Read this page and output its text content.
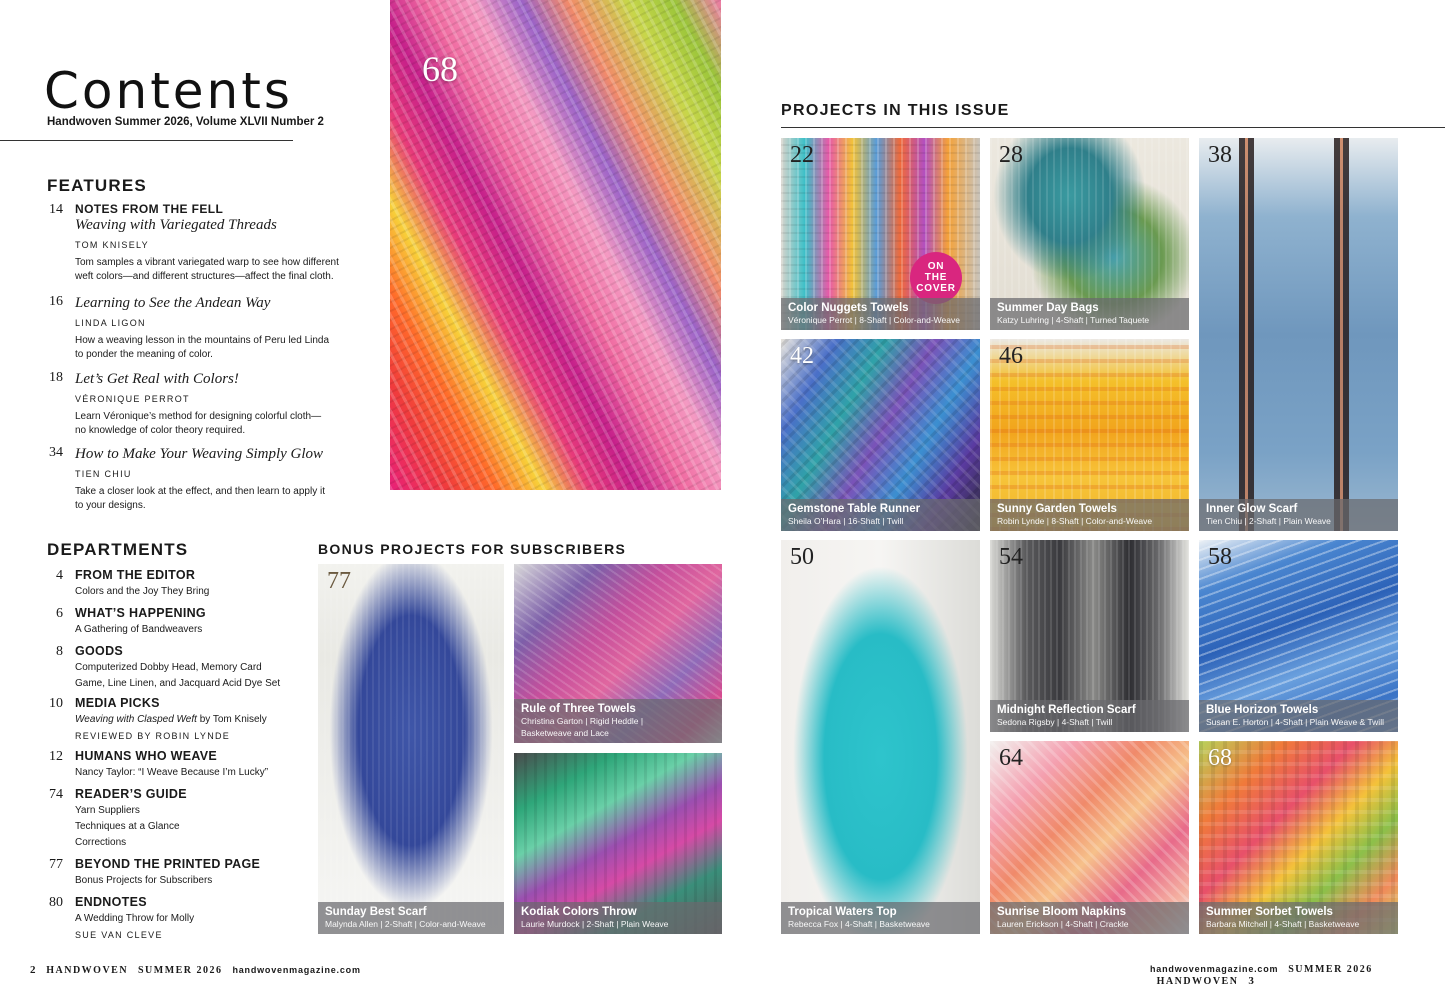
Contents
Handwoven Summer 2026, Volume XLVII Number 2
FEATURES
14 NOTES FROM THE FELL
Weaving with Variegated Threads
TOM KNISELY
Tom samples a vibrant variegated warp to see how different
weft colors—and different structures—affect the final cloth.
16 Learning to See the Andean Way
LINDA LIGON
How a weaving lesson in the mountains of Peru led Linda
to ponder the meaning of color.
18 Let’s Get Real with Colors!
VÉRONIQUE PERROT
Learn Véronique’s method for designing colorful cloth—
no knowledge of color theory required.
34 How to Make Your Weaving Simply Glow
TIEN CHIU
Take a closer look at the effect, and then learn to apply it
to your designs.
DEPARTMENTS
4 FROM THE EDITOR
Colors and the Joy They Bring
6 WHAT’S HAPPENING
A Gathering of Bandweavers
8 GOODS
Computerized Dobby Head, Memory Card
Game, Line Linen, and Jacquard Acid Dye Set
10 MEDIA PICKS
Weaving with Clasped Weft by Tom Knisely
REVIEWED BY ROBIN LYNDE
12 HUMANS WHO WEAVE
Nancy Taylor: “I Weave Because I’m Lucky”
74 READER’S GUIDE
Yarn Suppliers
Techniques at a Glance
Corrections
77 BEYOND THE PRINTED PAGE
Bonus Projects for Subscribers
80 ENDNOTES
A Wedding Throw for Molly
SUE VAN CLEVE
68
BONUS PROJECTS FOR SUBSCRIBERS
77
Sunday Best Scarf
Malynda Allen | 2-Shaft | Color-and-Weave
Rule of Three Towels
Christina Garton | Rigid Heddle |
Basketweave and Lace
Kodiak Colors Throw
Laurie Murdock | 2-Shaft | Plain Weave
PROJECTS IN THIS ISSUE
22
ON
THE
COVER
Color Nuggets Towels
Véronique Perrot | 8-Shaft | Color-and-Weave
28
Summer Day Bags
Katzy Luhring | 4-Shaft | Turned Taquete
38
Inner Glow Scarf
Tien Chiu | 2-Shaft | Plain Weave
42
Gemstone Table Runner
Sheila O’Hara | 16-Shaft | Twill
46
Sunny Garden Towels
Robin Lynde | 8-Shaft | Color-and-Weave
50
Tropical Waters Top
Rebecca Fox | 4-Shaft | Basketweave
54
Midnight Reflection Scarf
Sedona Rigsby | 4-Shaft | Twill
58
Blue Horizon Towels
Susan E. Horton | 4-Shaft | Plain Weave & Twill
64
Sunrise Bloom Napkins
Lauren Erickson | 4-Shaft | Crackle
68
Summer Sorbet Towels
Barbara Mitchell | 4-Shaft | Basketweave
2 HANDWOVEN SUMMER 2026 handwovenmagazine.com	handwovenmagazine.com SUMMER 2026   HANDWOVEN 3
